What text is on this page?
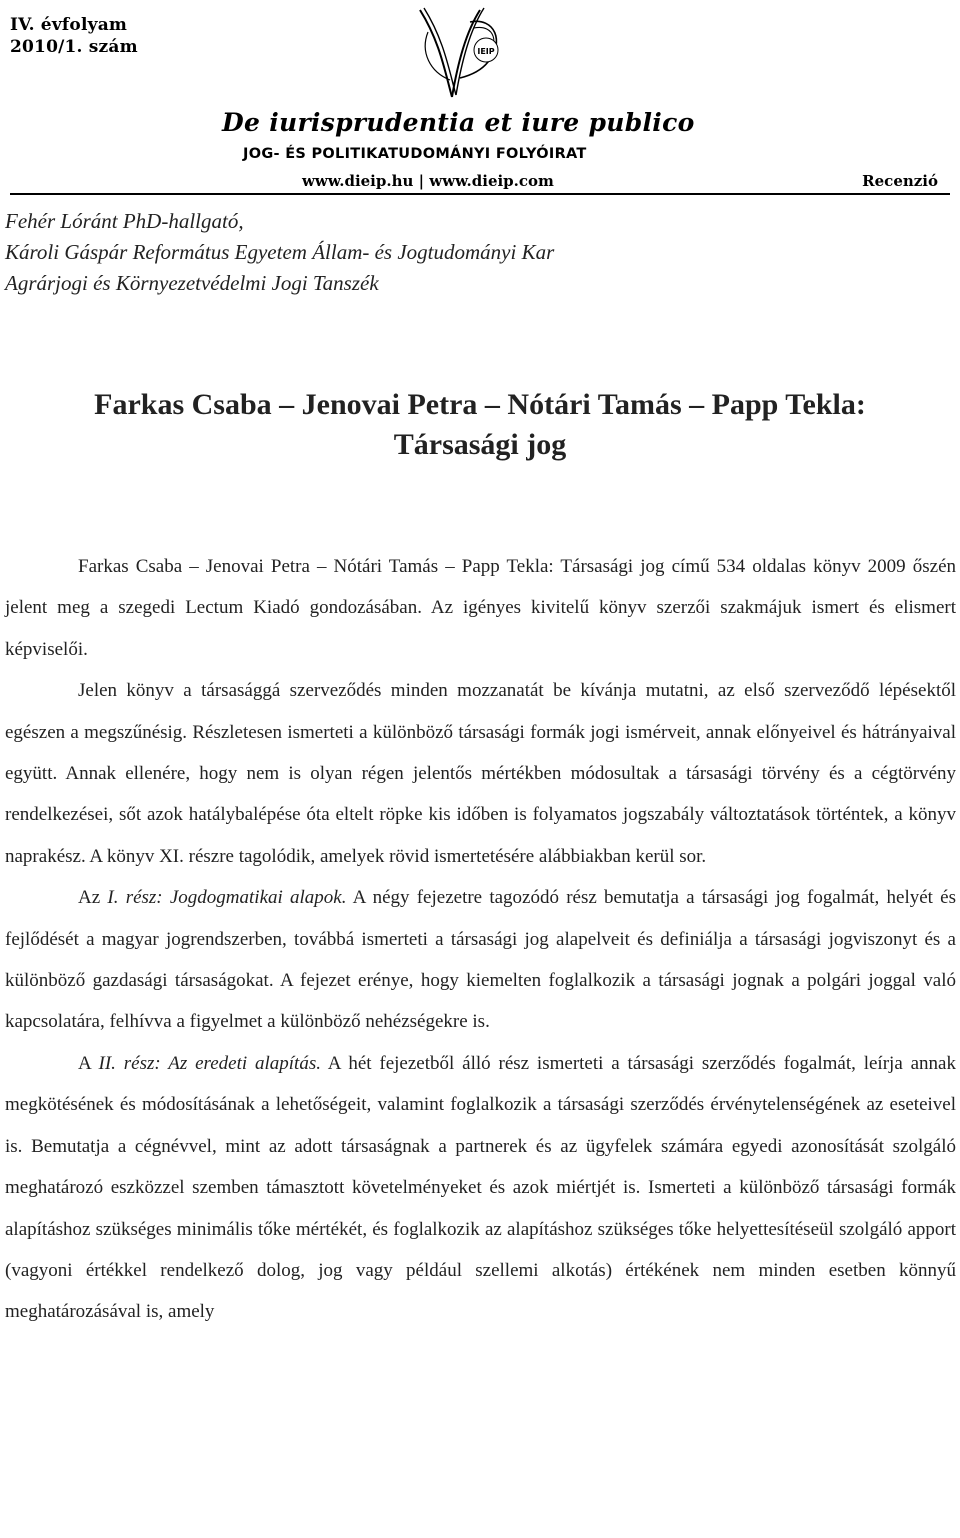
IV. évfolyam
2010/1. szám	IEIP
De iurisprudentia et iure publico
JOG- ÉS POLITIKATUDOMÁNYI FOLYÓIRAT
www.dieip.hu | www.dieip.com	Recenzió
Fehér Lóránt PhD-hallgató,
Károli Gáspár Református Egyetem Állam- és Jogtudományi Kar
Agrárjogi és Környezetvédelmi Jogi Tanszék
Farkas Csaba – Jenovai Petra – Nótári Tamás – Papp Tekla:
Társasági jog

Farkas Csaba – Jenovai Petra – Nótári Tamás – Papp Tekla: Társasági jog című 534 oldalas könyv 2009 őszén jelent meg a szegedi Lectum Kiadó gondozásában. Az igényes kivitelű könyv szerzői szakmájuk ismert és elismert képviselői.

Jelen könyv a társasággá szerveződés minden mozzanatát be kívánja mutatni, az első szerveződő lépésektől egészen a megszűnésig. Részletesen ismerteti a különböző társasági formák jogi ismérveit, annak előnyeivel és hátrányaival együtt. Annak ellenére, hogy nem is olyan régen jelentős mértékben módosultak a társasági törvény és a cégtörvény rendelkezései, sőt azok hatálybalépése óta eltelt röpke kis időben is folyamatos jogszabály változtatások történtek, a könyv naprakész. A könyv XI. részre tagolódik, amelyek rövid ismertetésére alábbiakban kerül sor.

Az I. rész: Jogdogmatikai alapok. A négy fejezetre tagozódó rész bemutatja a társasági jog fogalmát, helyét és fejlődését a magyar jogrendszerben, továbbá ismerteti a társasági jog alapelveit és definiálja a társasági jogviszonyt és a különböző gazdasági társaságokat. A fejezet erénye, hogy kiemelten foglalkozik a társasági jognak a polgári joggal való kapcsolatára, felhívva a figyelmet a különböző nehézségekre is.

A II. rész: Az eredeti alapítás. A hét fejezetből álló rész ismerteti a társasági szerződés fogalmát, leírja annak megkötésének és módosításának a lehetőségeit, valamint foglalkozik a társasági szerződés érvénytelenségének az eseteivel is. Bemutatja a cégnévvel, mint az adott társaságnak a partnerek és az ügyfelek számára egyedi azonosítását szolgáló meghatározó eszközzel szemben támasztott követelményeket és azok miértjét is. Ismerteti a különböző társasági formák alapításhoz szükséges minimális tőke mértékét, és foglalkozik az alapításhoz szükséges tőke helyettesítéseül szolgáló apport (vagyoni értékkel rendelkező dolog, jog vagy például szellemi alkotás) értékének nem minden esetben könnyű meghatározásával is, amely
